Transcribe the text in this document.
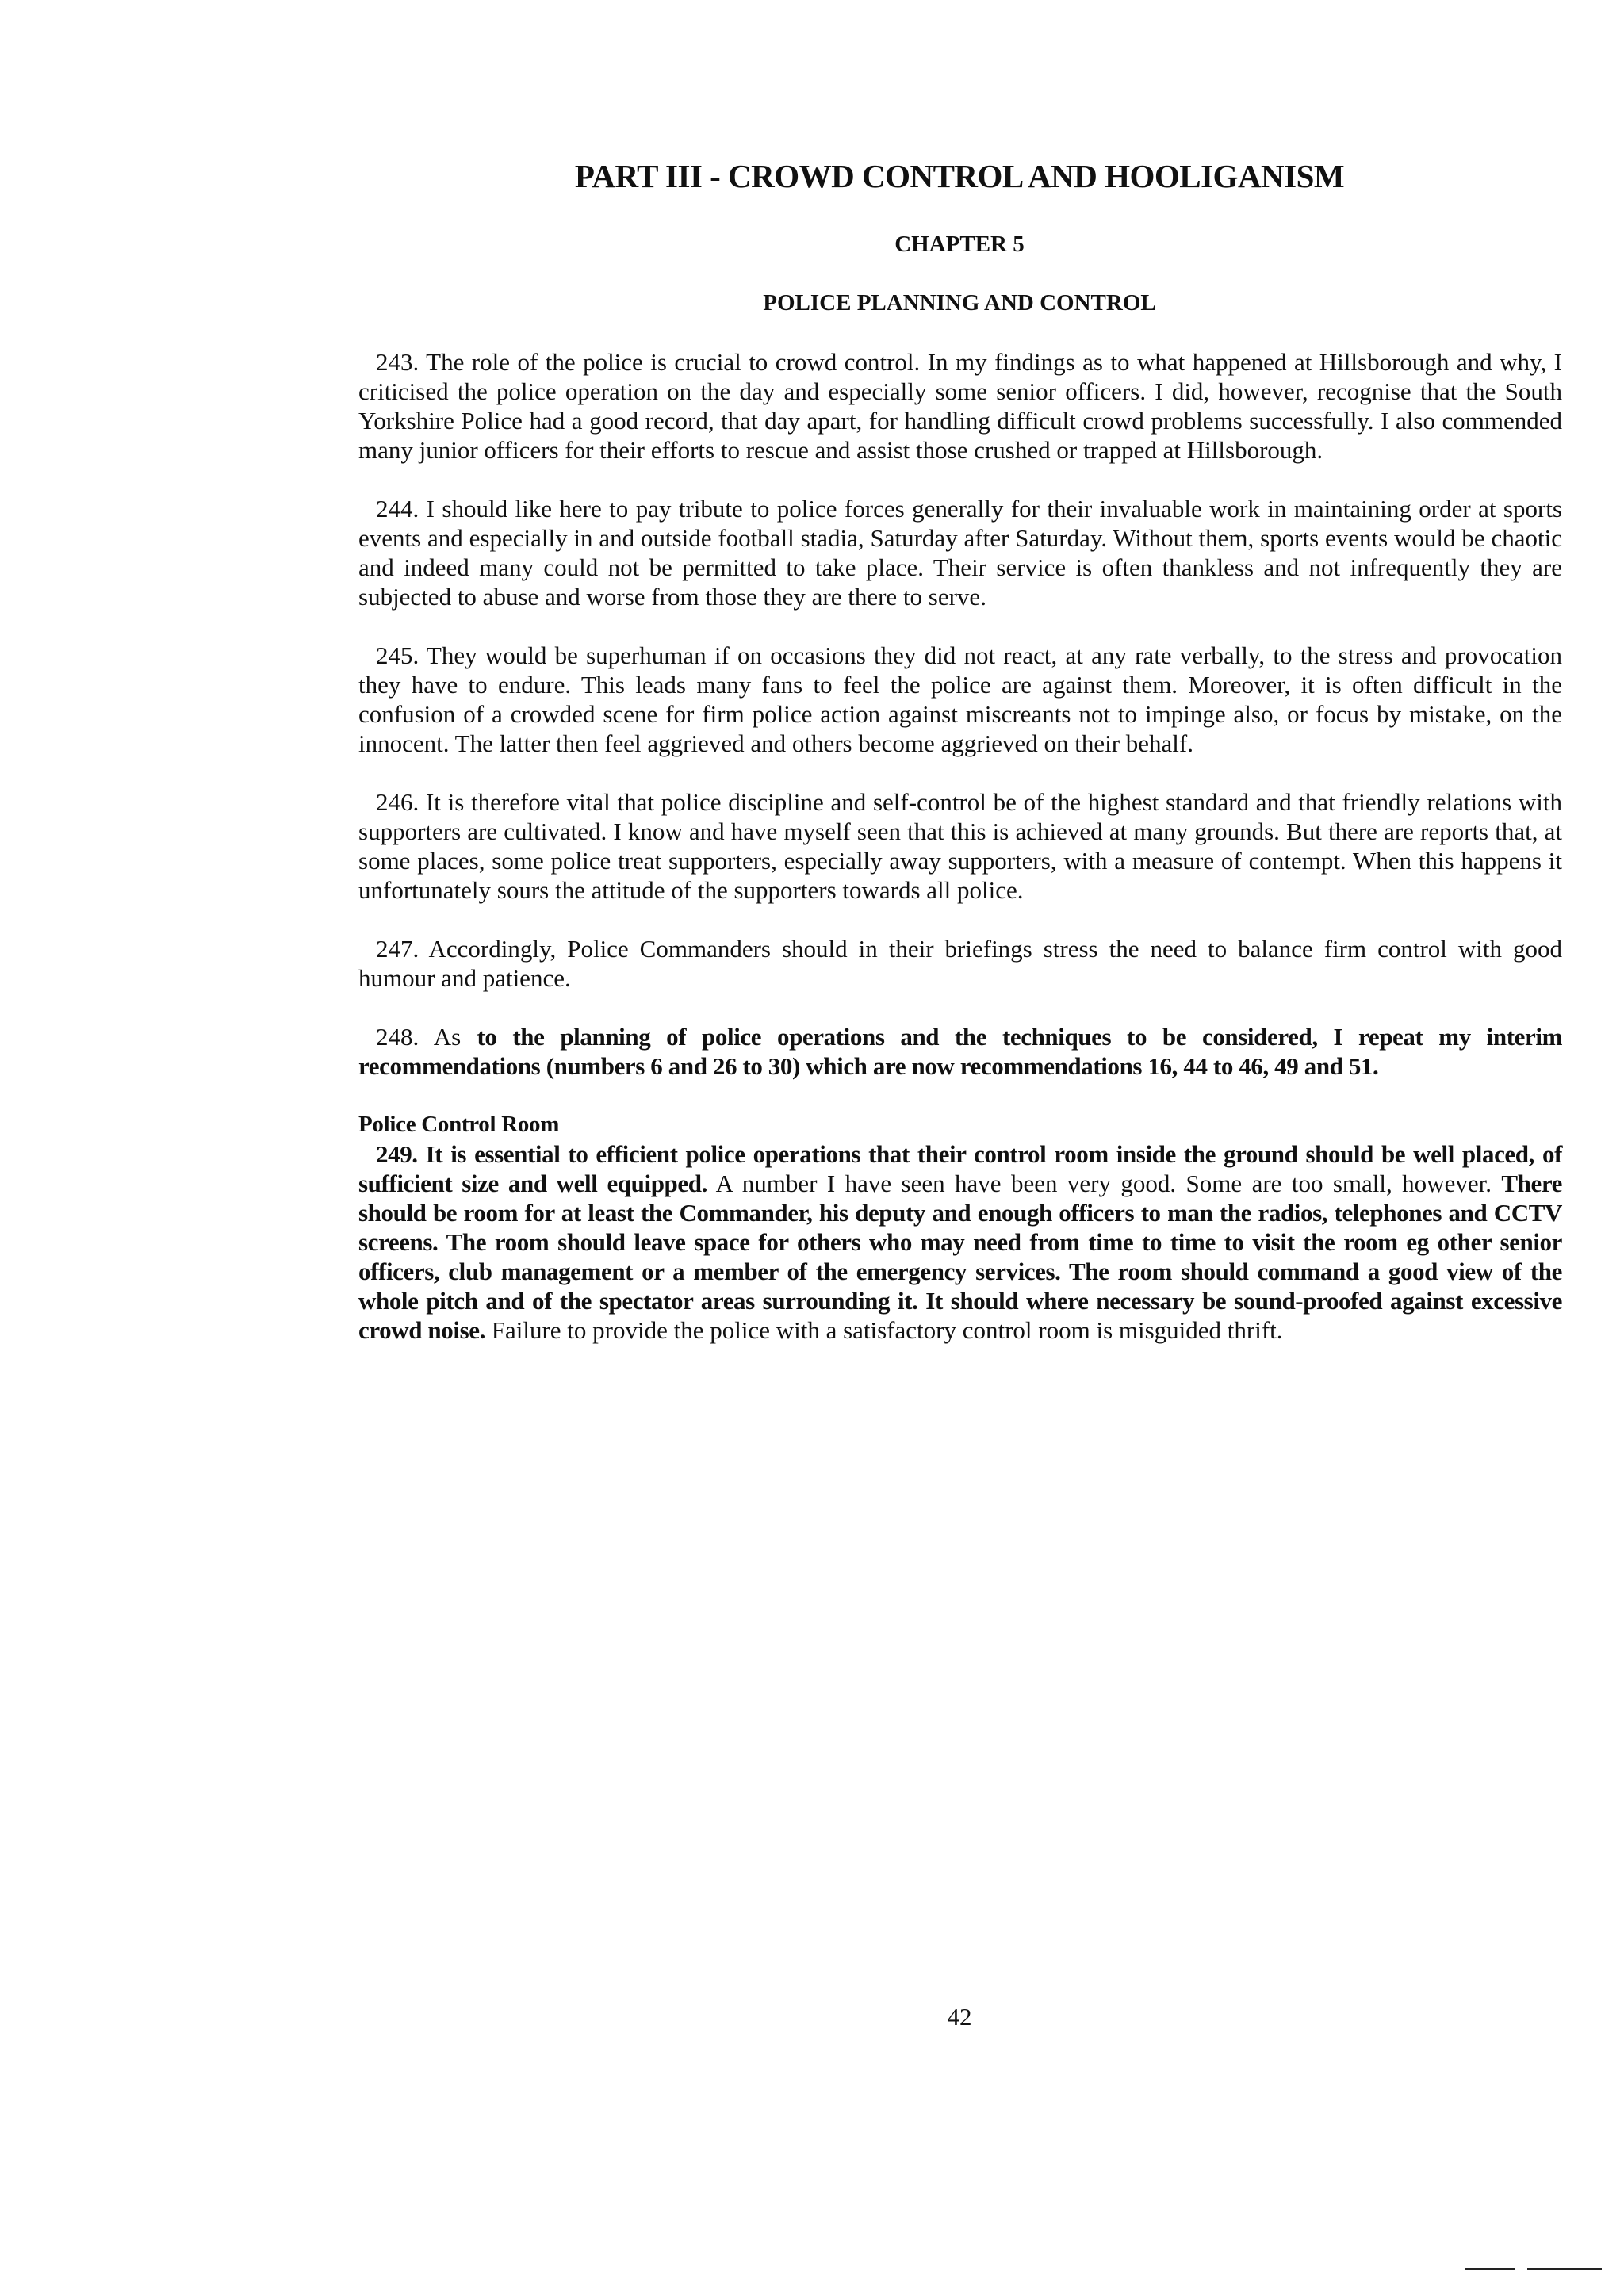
PART III - CROWD CONTROL AND HOOLIGANISM
CHAPTER 5
POLICE PLANNING AND CONTROL

243. The role of the police is crucial to crowd control. In my findings as to what happened at Hillsborough and why, I criticised the police operation on the day and especially some senior officers. I did, however, recognise that the South Yorkshire Police had a good record, that day apart, for handling difficult crowd problems successfully. I also commended many junior officers for their efforts to rescue and assist those crushed or trapped at Hillsborough.

244. I should like here to pay tribute to police forces generally for their invaluable work in maintaining order at sports events and especially in and outside football stadia, Saturday after Saturday. Without them, sports events would be chaotic and indeed many could not be permitted to take place. Their service is often thankless and not infrequently they are subjected to abuse and worse from those they are there to serve.

245. They would be superhuman if on occasions they did not react, at any rate verbally, to the stress and provocation they have to endure. This leads many fans to feel the police are against them. Moreover, it is often difficult in the confusion of a crowded scene for firm police action against miscreants not to impinge also, or focus by mistake, on the innocent. The latter then feel aggrieved and others become aggrieved on their behalf.

246. It is therefore vital that police discipline and self-control be of the highest standard and that friendly relations with supporters are cultivated. I know and have myself seen that this is achieved at many grounds. But there are reports that, at some places, some police treat supporters, especially away supporters, with a measure of contempt. When this happens it unfortunately sours the attitude of the supporters towards all police.

247. Accordingly, Police Commanders should in their briefings stress the need to balance firm control with good humour and patience.

248. As to the planning of police operations and the techniques to be considered, I repeat my interim recommendations (numbers 6 and 26 to 30) which are now recommendations 16, 44 to 46, 49 and 51.

Police Control Room

249. It is essential to efficient police operations that their control room inside the ground should be well placed, of sufficient size and well equipped. A number I have seen have been very good. Some are too small, however. There should be room for at least the Commander, his deputy and enough officers to man the radios, telephones and CCTV screens. The room should leave space for others who may need from time to time to visit the room eg other senior officers, club management or a member of the emergency services. The room should command a good view of the whole pitch and of the spectator areas surrounding it. It should where necessary be sound-proofed against excessive crowd noise. Failure to provide the police with a satisfactory control room is misguided thrift.

42
